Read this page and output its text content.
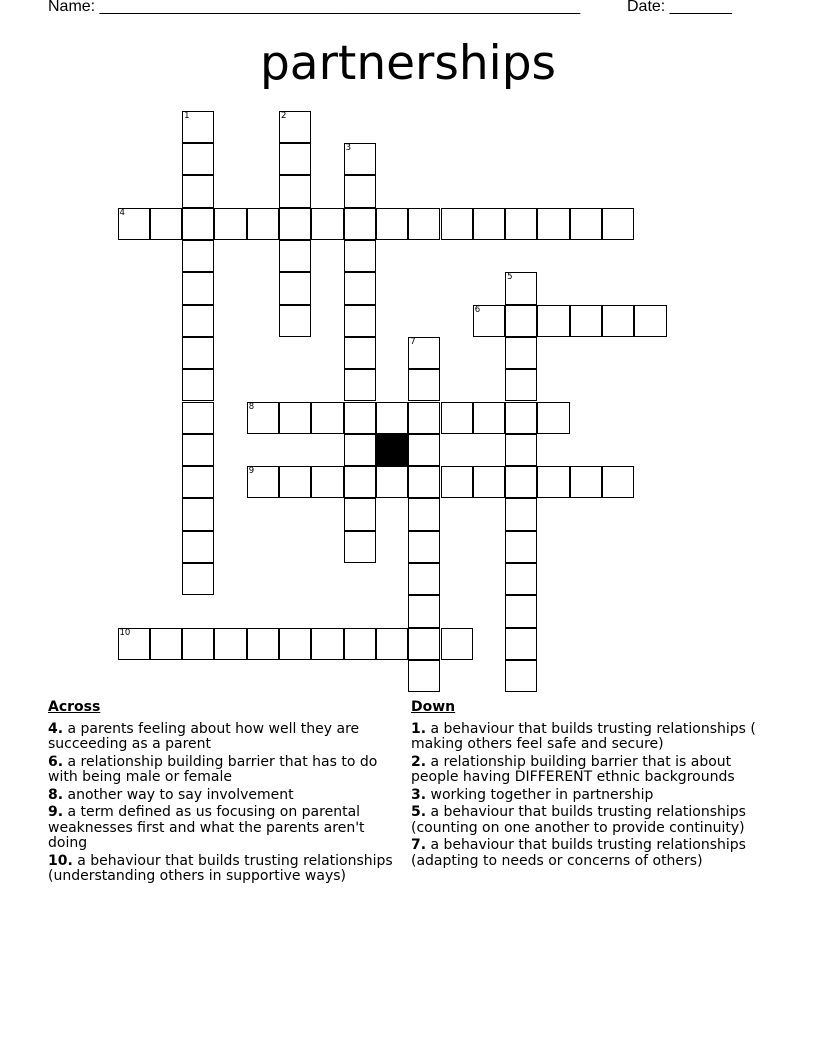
Name: ______________________________________________________	Date: _______
partnerships
1	2
3
4
5
6
7
8
9
10
Across
4. a parents feeling about how well they are succeeding as a parent
6. a relationship building barrier that has to do with being male or female
8. another way to say involvement
9. a term defined as us focusing on parental weaknesses first and what the parents aren't doing
10. a behaviour that builds trusting relationships (understanding others in supportive ways)
Down
1. a behaviour that builds trusting relationships ( making others feel safe and secure)
2. a relationship building barrier that is about people having DIFFERENT ethnic backgrounds
3. working together in partnership
5. a behaviour that builds trusting relationships (counting on one another to provide continuity)
7. a behaviour that builds trusting relationships (adapting to needs or concerns of others)
